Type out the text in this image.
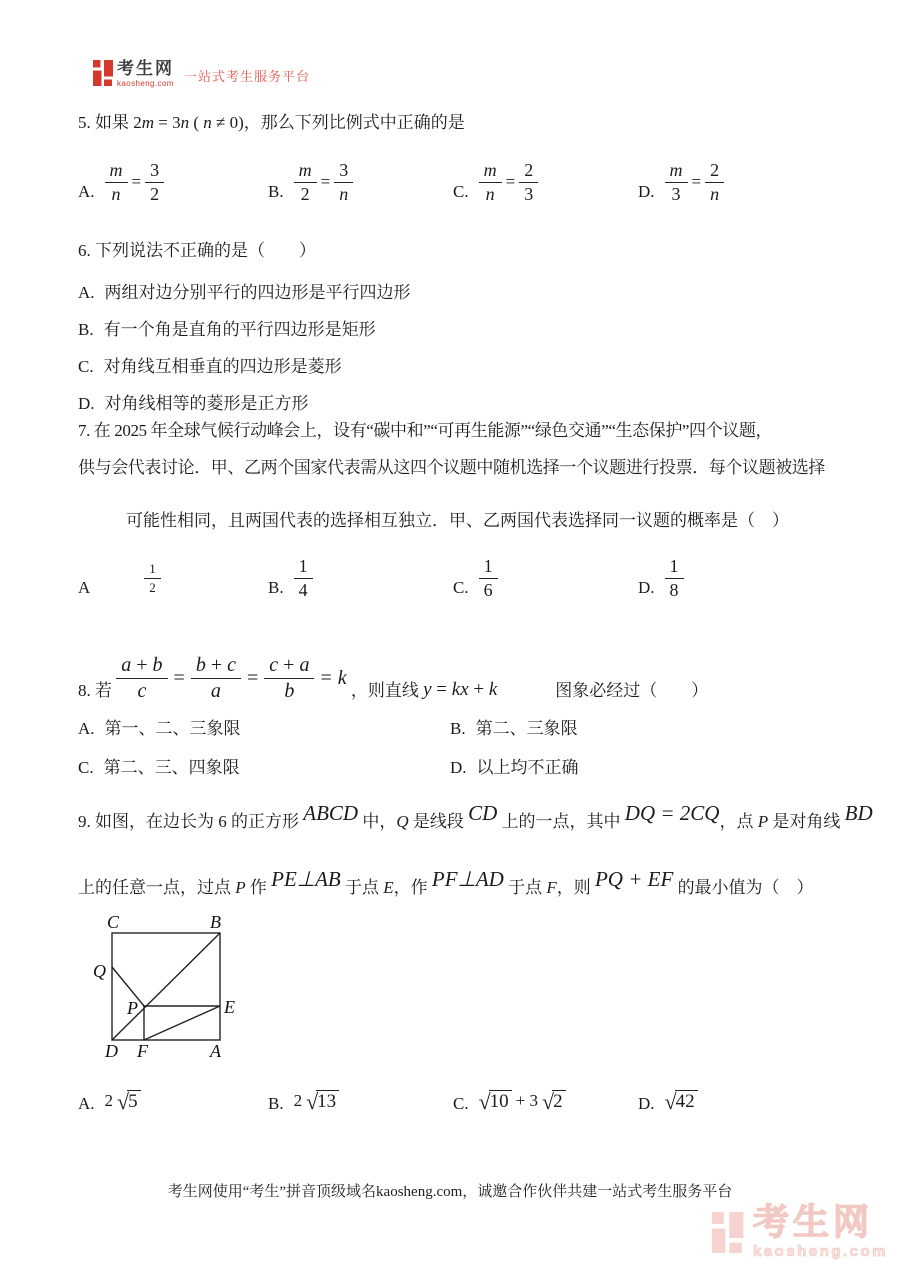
考生网
kaosheng.com 一站式考生服务平台
5. 如果 2m = 3n ( n ≠ 0)，那么下列比例式中正确的是
A. $\frac{m}{n} = \frac{3}{2}$	B. $\frac{m}{2} = \frac{3}{n}$	C. $\frac{m}{n} = \frac{2}{3}$	D. $\frac{m}{3} = \frac{2}{n}$
6. 下列说法不正确的是（　　）
A. 两组对边分别平行的四边形是平行四边形
B. 有一个角是直角的平行四边形是矩形
C. 对角线互相垂直的四边形是菱形
D. 对角线相等的菱形是正方形
7. 在 2025 年全球气候行动峰会上，设有“碳中和”“可再生能源”“绿色交通”“生态保护”四个议题，
供与会代表讨论．甲、乙两个国家代表需从这四个议题中随机选择一个议题进行投票．每个议题被选择
可能性相同，且两国代表的选择相互独立．甲、乙两国代表选择同一议题的概率是（　）
A	$\frac{1}{2}$	B. $\frac{1}{4}$	C. $\frac{1}{6}$	D. $\frac{1}{8}$
8. 若 $\frac{a + b}{c} = \frac{b + c}{a} = \frac{c + a}{b} = k$
，则直线 y = kx + k	图象必经过（　　）
A. 第一、二、三象限	B. 第二、三象限
C. 第二、三、四象限	D. 以上均不正确
9. 如图，在边长为 6 的正方形 ABCD 中，Q 是线段 CD 上的一点，其中 DQ = 2CQ，点 P 是对角线 BD
上的任意一点，过点 P 作 PE⊥AB 于点 E，作 PF⊥AD 于点 F，则 PQ + EF 的最小值为（　）
C	B
Q
P	E
D F	A
A. 2 √ 5	B. 2 √ 13	C. √ 10 + 3 √ 2	D. √ 42
考生网使用“考生”拼音顶级域名kaosheng.com，诚邀合作伙伴共建一站式考生服务平台
考生网
kaosheng.com
